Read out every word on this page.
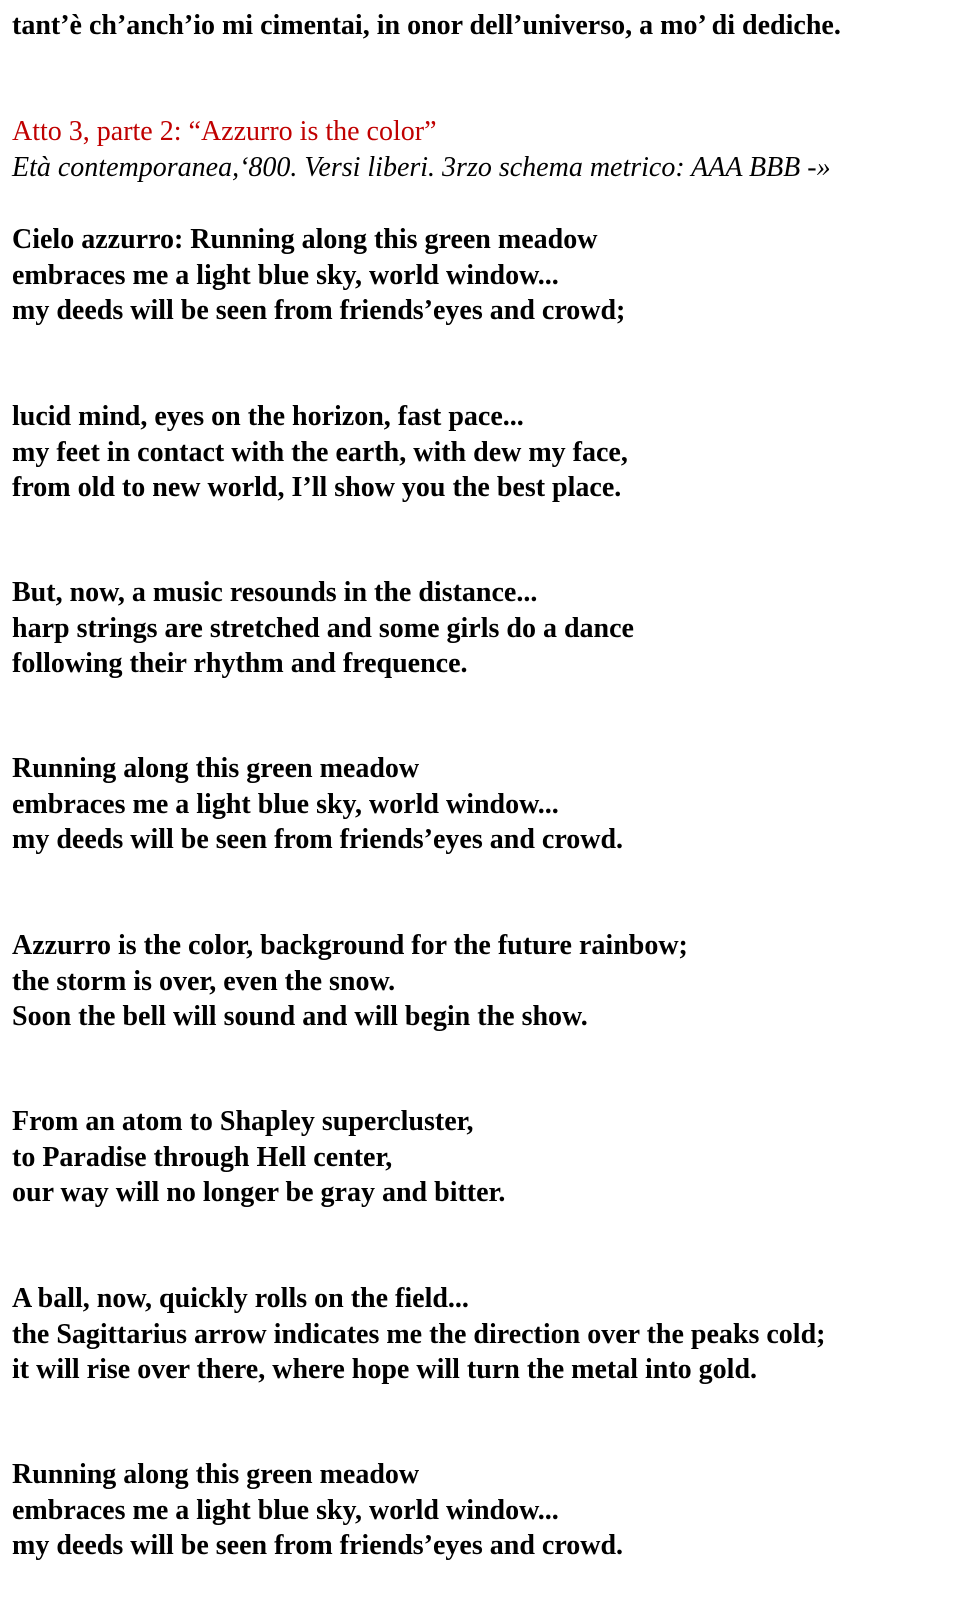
tant’è ch’anch’io mi cimentai, in onor dell’universo, a mo’ di dediche.
Atto 3, parte 2: “Azzurro is the color”
Età contemporanea,‘800. Versi liberi. 3rzo schema metrico: AAA BBB -»
Cielo azzurro: Running along this green meadow
embraces me a light blue sky, world window...
my deeds will be seen from friends’eyes and crowd;
lucid mind, eyes on the horizon, fast pace...
my feet in contact with the earth, with dew my face,
from old to new world, I’ll show you the best place.
But, now, a music resounds in the distance...
harp strings are stretched and some girls do a dance
following their rhythm and frequence.
Running along this green meadow
embraces me a light blue sky, world window...
my deeds will be seen from friends’eyes and crowd.
Azzurro is the color, background for the future rainbow;
the storm is over, even the snow.
Soon the bell will sound and will begin the show.
From an atom to Shapley supercluster,
to Paradise through Hell center,
our way will no longer be gray and bitter.
A ball, now, quickly rolls on the field...
the Sagittarius arrow indicates me the direction over the peaks cold;
it will rise over there, where hope will turn the metal into gold.
Running along this green meadow
embraces me a light blue sky, world window...
my deeds will be seen from friends’eyes and crowd.
